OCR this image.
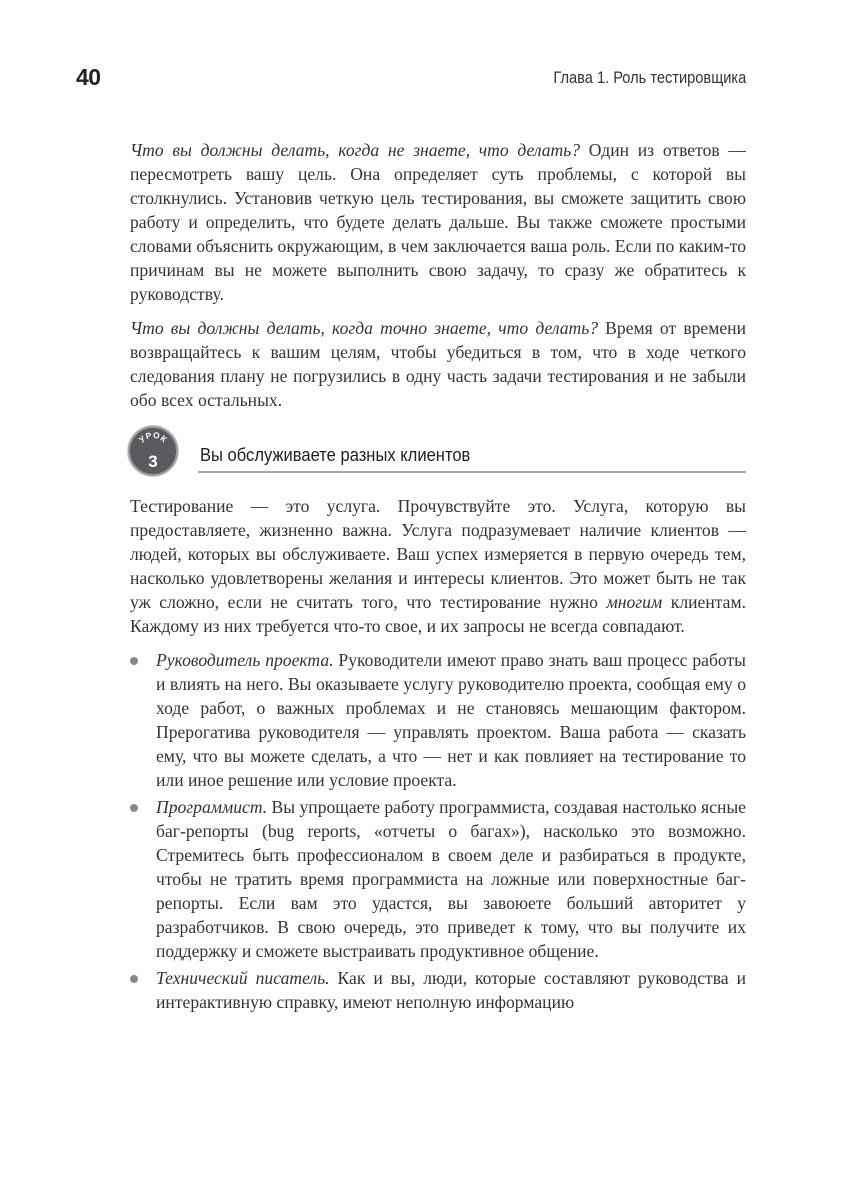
40	Глава 1. Роль тестировщика

Что вы должны делать, когда не знаете, что делать? Один из ответов — пересмотреть вашу цель. Она определяет суть проблемы, с которой вы столкнулись. Установив четкую цель тестирования, вы сможете защитить свою работу и определить, что будете делать дальше. Вы также сможете простыми словами объяснить окружающим, в чем заключается ваша роль. Если по каким-то причинам вы не можете выполнить свою задачу, то сразу же обратитесь к руководству.

Что вы должны делать, когда точно знаете, что делать? Время от времени возвращайтесь к вашим целям, чтобы убедиться в том, что в ходе четкого следования плану не погрузились в одну часть задачи тестирования и не забыли обо всех остальных.

УРОК
3	Вы обслуживаете разных клиентов

Тестирование — это услуга. Прочувствуйте это. Услуга, которую вы предоставляете, жизненно важна. Услуга подразумевает наличие клиентов — людей, которых вы обслуживаете. Ваш успех измеряется в первую очередь тем, насколько удовлетворены желания и интересы клиентов. Это может быть не так уж сложно, если не считать того, что тестирование нужно многим клиентам. Каждому из них требуется что-то свое, и их запросы не всегда совпадают.

Руководитель проекта. Руководители имеют право знать ваш процесс работы и влиять на него. Вы оказываете услугу руководителю проекта, сообщая ему о ходе работ, о важных проблемах и не становясь мешающим фактором. Прерогатива руководителя — управлять проектом. Ваша работа — сказать ему, что вы можете сделать, а что — нет и как повлияет на тестирование то или иное решение или условие проекта.
Программист. Вы упрощаете работу программиста, создавая настолько ясные баг-репорты (bug reports, «отчеты о багах»), насколько это возможно. Стремитесь быть профессионалом в своем деле и разбираться в продукте, чтобы не тратить время программиста на ложные или поверхностные баг-репорты. Если вам это удастся, вы завоюете больший авторитет у разработчиков. В свою очередь, это приведет к тому, что вы получите их поддержку и сможете выстраивать продуктивное общение.
Технический писатель. Как и вы, люди, которые составляют руководства и интерактивную справку, имеют неполную информацию
